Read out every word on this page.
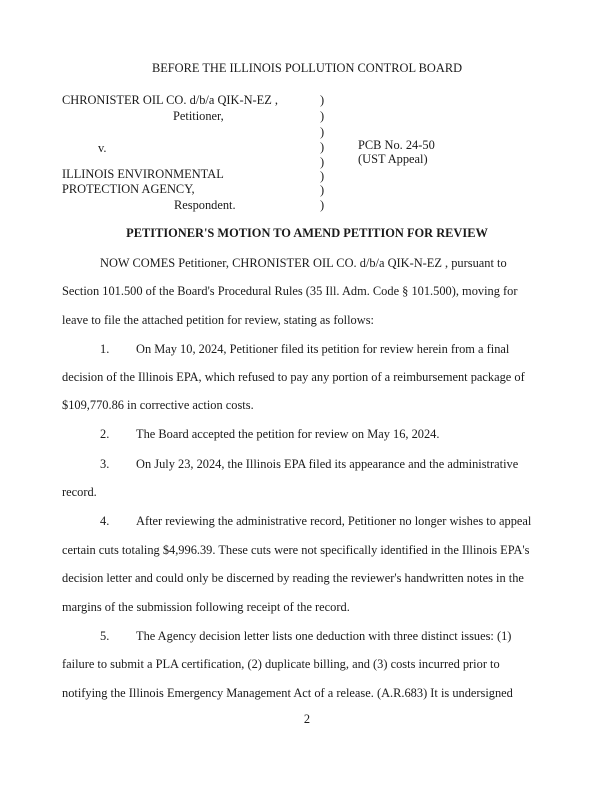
BEFORE THE ILLINOIS POLLUTION CONTROL BOARD
CHRONISTER OIL CO. d/b/a QIK-N-EZ ,
Petitioner,
v.
ILLINOIS ENVIRONMENTAL
PROTECTION AGENCY,
Respondent.
)
)
)
)
)
)
)
)
PCB No. 24-50
(UST Appeal)
PETITIONER'S MOTION TO AMEND PETITION FOR REVIEW
NOW COMES Petitioner, CHRONISTER OIL CO. d/b/a QIK-N-EZ , pursuant to
Section 101.500 of the Board's Procedural Rules (35 Ill. Adm. Code § 101.500), moving for
leave to file the attached petition for review, stating as follows:
1. On May 10, 2024, Petitioner filed its petition for review herein from a final
decision of the Illinois EPA, which refused to pay any portion of a reimbursement package of
$109,770.86 in corrective action costs.
2. The Board accepted the petition for review on May 16, 2024.
3. On July 23, 2024, the Illinois EPA filed its appearance and the administrative
record.
4. After reviewing the administrative record, Petitioner no longer wishes to appeal
certain cuts totaling $4,996.39. These cuts were not specifically identified in the Illinois EPA's
decision letter and could only be discerned by reading the reviewer's handwritten notes in the
margins of the submission following receipt of the record.
5. The Agency decision letter lists one deduction with three distinct issues: (1)
failure to submit a PLA certification, (2) duplicate billing, and (3) costs incurred prior to
notifying the Illinois Emergency Management Act of a release. (A.R.683) It is undersigned
2
